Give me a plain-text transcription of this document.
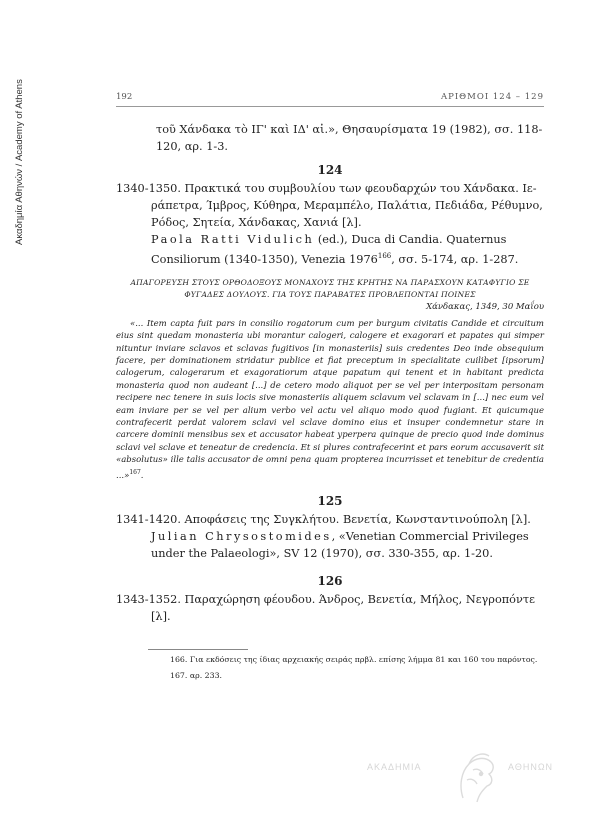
Ακαδημία Αθηνών / Academy of Athens	192	ΑΡΙΘΜΟΙ 124 – 129

τοῦ Χάνδακα τὸ ΙΓ' καὶ ΙΔ' αἰ.», Θησαυρίσματα 19 (1982), σσ. 118-

120, αρ. 1-3.

124

1340-1350. Πρακτικά του συμβουλίου των φεουδαρχών του Χάνδακα. Ιε-

ράπετρα, Ίμβρος, Κύθηρα, Μεραμπέλο, Παλάτια, Πεδιάδα, Ρέθυμνο,

Ρόδος, Σητεία, Χάνδακας, Χανιά [λ].

Paola Ratti Vidulich (ed.), Duca di Candia. Quaternus

Consiliorum (1340-1350), Venezia 1976$^{166}$, σσ. 5-174, αρ. 1-287.

ΑΠΑΓΟΡΕΥΣΗ ΣΤΟΥΣ ΟΡΘΟΔΟΞΟΥΣ ΜΟΝΑΧΟΥΣ ΤΗΣ ΚΡΗΤΗΣ ΝΑ ΠΑΡΑΣΧΟΥΝ ΚΑΤΑΦΥΓΙΟ ΣΕ

ΦΥΓΑΔΕΣ ΔΟΥΛΟΥΣ. ΓΙΑ ΤΟΥΣ ΠΑΡΑΒΑΤΕΣ ΠΡΟΒΛΕΠΟΝΤΑΙ ΠΟΙΝΕΣ

Χάνδακας, 1349, 30 Μαΐου

«... Item capta fuit pars in consilio rogatorum cum per burgum civitatis Candide et circuitum eius sint quedam monasteria ubi morantur calogeri, calogere et exagorari et papates qui simper nituntur inviare sclavos et sclavas fugitivos [in monasteriis] suis credentes Deo inde obsequium facere, per dominationem stridatur publice et fiat preceptum in specialitate cuilibet [ipsorum] calogerum, calogerarum et exagoratiorum atque papatum qui tenent et in habitant predicta monasteria quod non audeant [...] de cetero modo aliquot per se vel per interpositam personam recipere nec tenere in suis locis sive monasteriis aliquem sclavum vel sclavam in [...] nec eum vel eam inviare per se vel per alium verbo vel actu vel aliquo modo quod fugiant. Et quicumque contrafecerit perdat valorem sclavi vel sclave domino eius et insuper condemnetur stare in carcere dominii mensibus sex et accusator habeat yperpera quinque de precio quod inde dominus sclavi vel sclave et teneatur de credencia. Et si plures contrafecerint et pars eorum accusaverit sit «absolutus» ille talis accusator de omni pena quam propterea incurrisset et tenebitur de credentia ...»$^{167}$.

125

1341-1420. Αποφάσεις της Συγκλήτου. Βενετία, Κωνσταντινούπολη [λ].

Julian Chrysostomides, «Venetian Commercial Privileges

under the Palaeologi», SV 12 (1970), σσ. 330-355, αρ. 1-20.

126

1343-1352. Παραχώρηση φέουδου. Άνδρος, Βενετία, Μήλος, Νεγροπόντε

[λ].

166. Για εκδόσεις της ίδιας αρχειακής σειράς πρβλ. επίσης λήμμα 81 και 160 του παρόντος.

167. αρ. 233.

ΑΚΑΔΗΜΙΑ	ΑΘΗΝΩΝ
